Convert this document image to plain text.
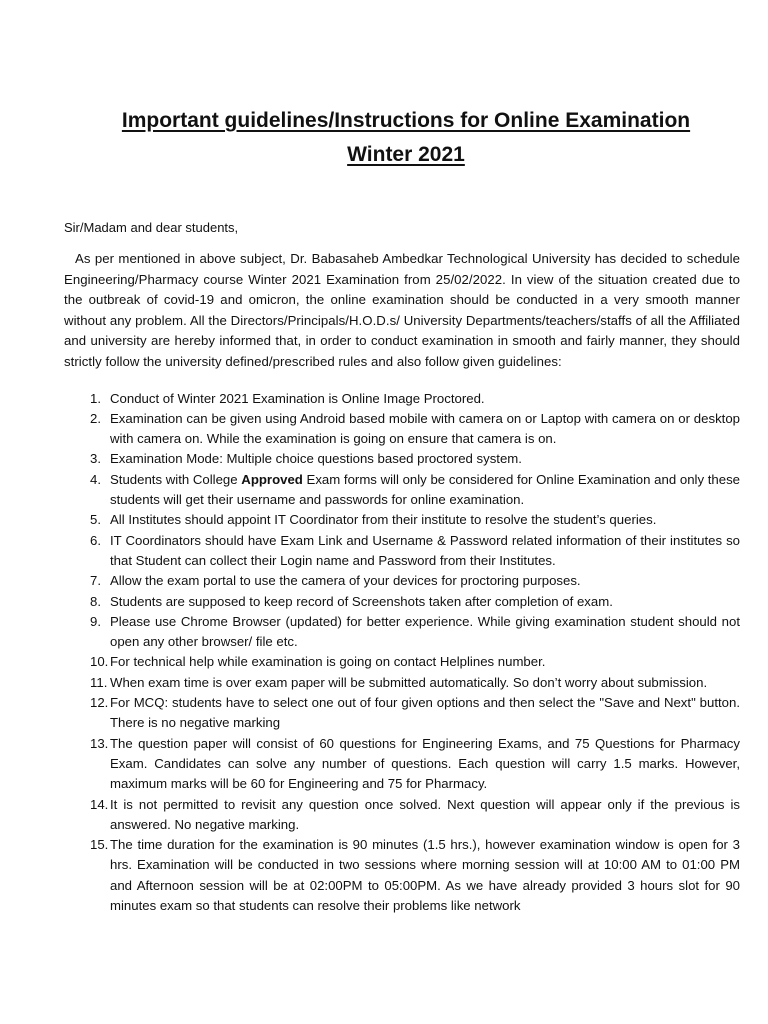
Important guidelines/Instructions for Online Examination
Winter 2021

Sir/Madam and dear students,

As per mentioned in above subject, Dr. Babasaheb Ambedkar Technological University has decided to schedule Engineering/Pharmacy course Winter 2021 Examination from 25/02/2022. In view of the situation created due to the outbreak of covid-19 and omicron, the online examination should be conducted in a very smooth manner without any problem. All the Directors/Principals/H.O.D.s/ University Departments/teachers/staffs of all the Affiliated and university are hereby informed that, in order to conduct examination in smooth and fairly manner, they should strictly follow the university defined/prescribed rules and also follow given guidelines:

1. Conduct of Winter 2021 Examination is Online Image Proctored.
2. Examination can be given using Android based mobile with camera on or Laptop with camera on or desktop with camera on. While the examination is going on ensure that camera is on.
3. Examination Mode: Multiple choice questions based proctored system.
4. Students with College Approved Exam forms will only be considered for Online Examination and only these students will get their username and passwords for online examination.
5. All Institutes should appoint IT Coordinator from their institute to resolve the student’s queries.
6. IT Coordinators should have Exam Link and Username & Password related information of their institutes so that Student can collect their Login name and Password from their Institutes.
7. Allow the exam portal to use the camera of your devices for proctoring purposes.
8. Students are supposed to keep record of Screenshots taken after completion of exam.
9. Please use Chrome Browser (updated) for better experience. While giving examination student should not open any other browser/ file etc.
10. For technical help while examination is going on contact Helplines number.
11. When exam time is over exam paper will be submitted automatically. So don’t worry about submission.
12. For MCQ: students have to select one out of four given options and then select the "Save and Next" button. There is no negative marking
13. The question paper will consist of 60 questions for Engineering Exams, and 75 Questions for Pharmacy Exam. Candidates can solve any number of questions. Each question will carry 1.5 marks. However, maximum marks will be 60 for Engineering and 75 for Pharmacy.
14. It is not permitted to revisit any question once solved. Next question will appear only if the previous is answered. No negative marking.
15. The time duration for the examination is 90 minutes (1.5 hrs.), however examination window is open for 3 hrs. Examination will be conducted in two sessions where morning session will at 10:00 AM to 01:00 PM and Afternoon session will be at 02:00PM to 05:00PM. As we have already provided 3 hours slot for 90 minutes exam so that students can resolve their problems like network
